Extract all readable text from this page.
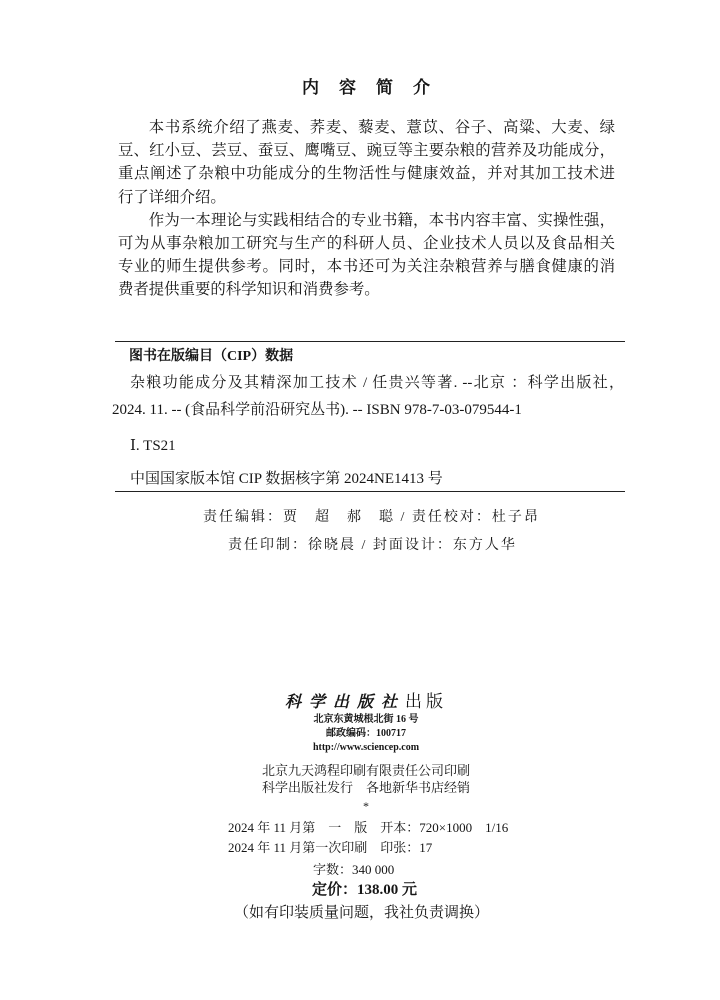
内容简介
本书系统介绍了燕麦、荞麦、藜麦、薏苡、谷子、高粱、大麦、绿
豆、红小豆、芸豆、蚕豆、鹰嘴豆、豌豆等主要杂粮的营养及功能成分，
重点阐述了杂粮中功能成分的生物活性与健康效益，并对其加工技术进
行了详细介绍。
作为一本理论与实践相结合的专业书籍，本书内容丰富、实操性强，
可为从事杂粮加工研究与生产的科研人员、企业技术人员以及食品相关
专业的师生提供参考。同时，本书还可为关注杂粮营养与膳食健康的消
费者提供重要的科学知识和消费参考。
图书在版编目（CIP）数据
杂粮功能成分及其精深加工技术 / 任贵兴等著. --北京 ：科学出版社，
2024. 11. -- (食品科学前沿研究丛书). -- ISBN 978-7-03-079544-1
Ⅰ. TS21
中国国家版本馆 CIP 数据核字第 2024NE1413 号
责任编辑：贾　超　郝　聪 / 责任校对：杜子昂
责任印制：徐晓晨 / 封面设计：东方人华
科学出版社出版
北京东黄城根北街 16 号
邮政编码：100717
http://www.sciencep.com
北京九天鸿程印刷有限责任公司印刷
科学出版社发行　各地新华书店经销
*
2024 年 11 月第　一　版　开本：720×1000　1/16
2024 年 11 月第一次印刷　印张：17
字数：340 000
定价：138.00 元
（如有印装质量问题，我社负责调换）
